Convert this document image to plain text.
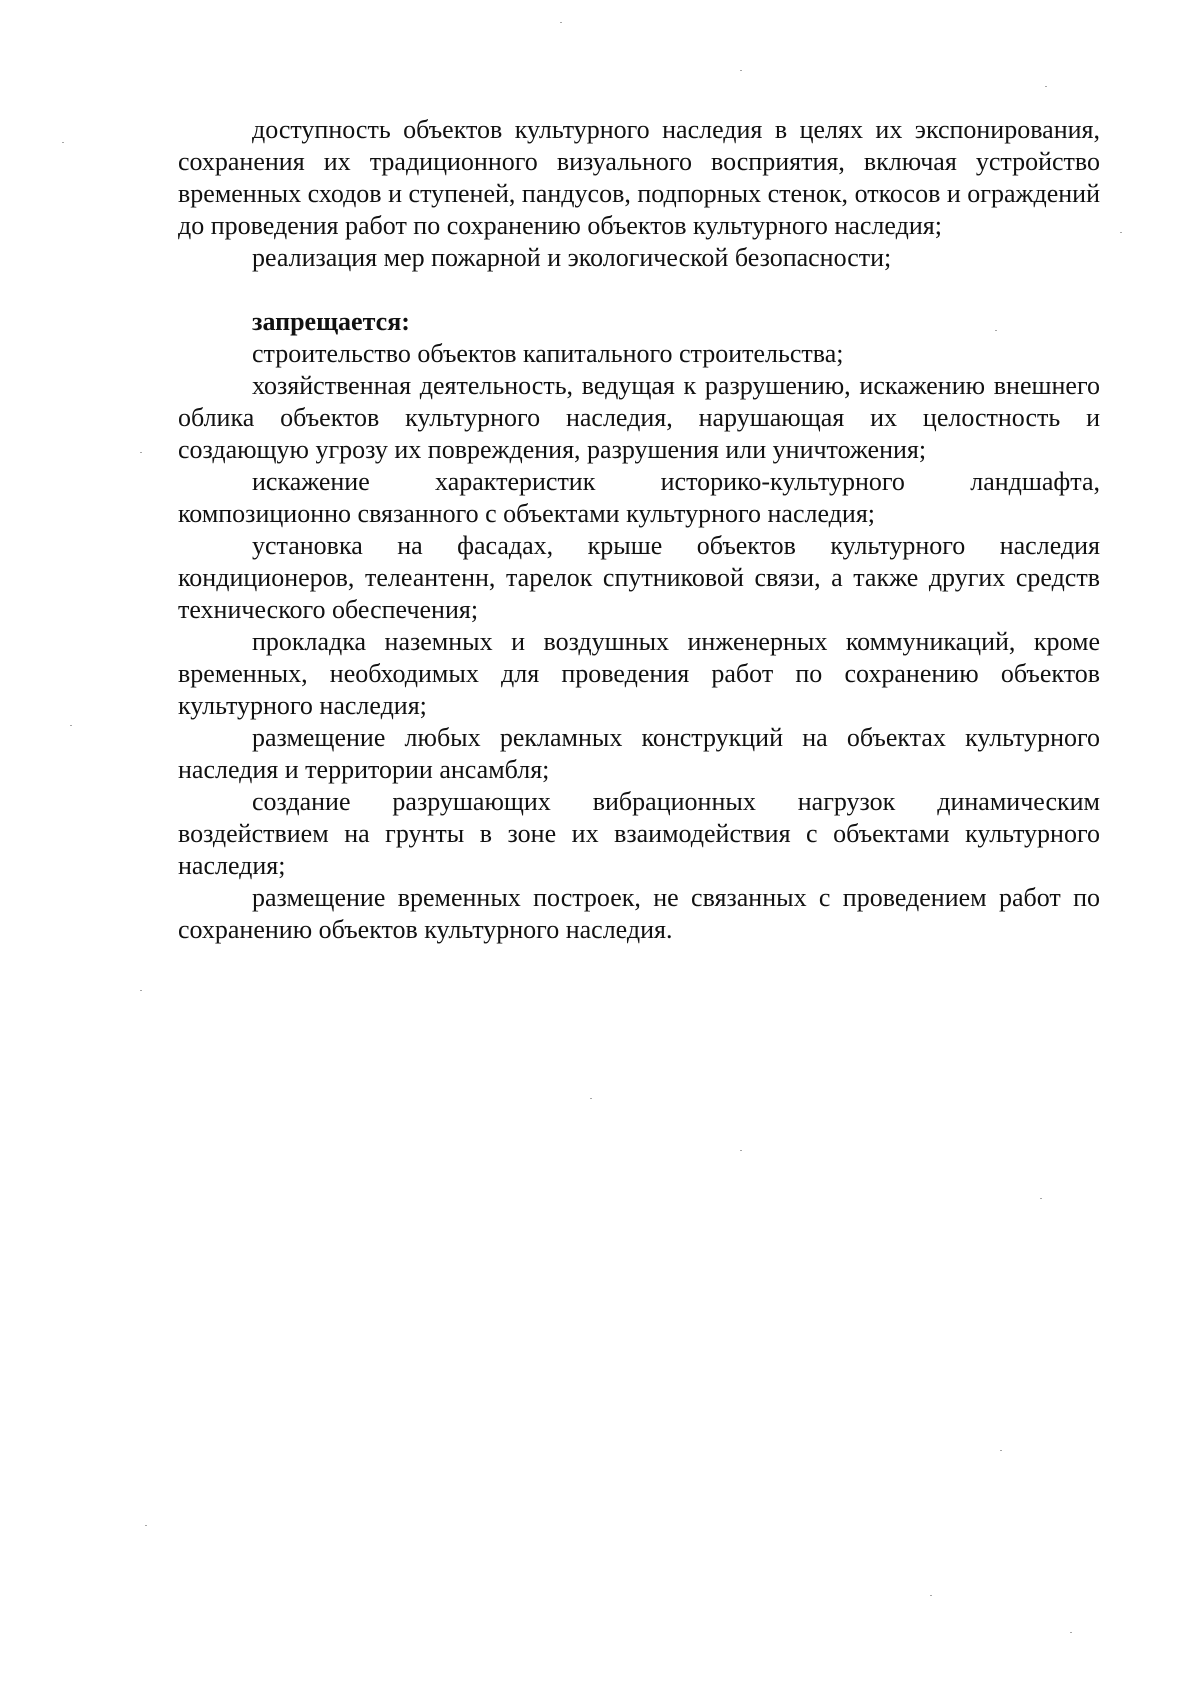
доступность объектов культурного наследия в целях их экспонирования, сохранения их традиционного визуального восприятия, включая устройство временных сходов и ступеней, пандусов, подпорных стенок, откосов и ограждений до проведения работ по сохранению объектов культурного наследия;

реализация мер пожарной и экологической безопасности;

запрещается:

строительство объектов капитального строительства;

хозяйственная деятельность, ведущая к разрушению, искажению внешнего облика объектов культурного наследия, нарушающая их целостность и создающую угрозу их повреждения, разрушения или уничтожения;

искажение характеристик историко-культурного ландшафта, композиционно связанного с объектами культурного наследия;

установка на фасадах, крыше объектов культурного наследия кондиционеров, телеантенн, тарелок спутниковой связи, а также других средств технического обеспечения;

прокладка наземных и воздушных инженерных коммуникаций, кроме временных, необходимых для проведения работ по сохранению объектов культурного наследия;

размещение любых рекламных конструкций на объектах культурного наследия и территории ансамбля;

создание разрушающих вибрационных нагрузок динамическим воздействием на грунты в зоне их взаимодействия с объектами культурного наследия;

размещение временных построек, не связанных с проведением работ по сохранению объектов культурного наследия.
